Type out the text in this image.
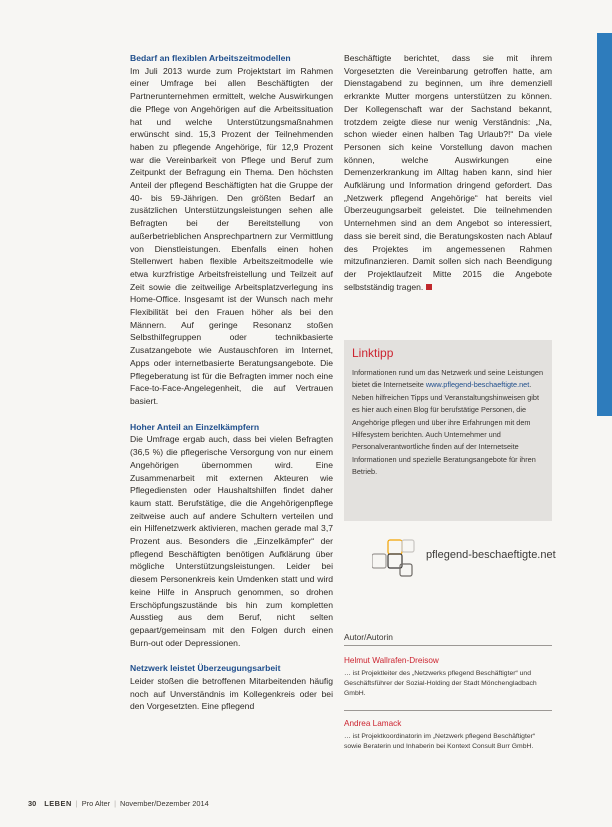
Bedarf an flexiblen Arbeitszeitmodellen

Im Juli 2013 wurde zum Projektstart im Rahmen einer Umfrage bei allen Beschäftigten der Partnerunternehmen ermittelt, welche Auswirkungen die Pflege von Angehörigen auf die Arbeitssituation hat und welche Unterstützungsmaßnahmen erwünscht sind. 15,3 Prozent der Teilnehmenden haben zu pflegende Angehörige, für 12,9 Prozent war die Vereinbarkeit von Pflege und Beruf zum Zeitpunkt der Befragung ein Thema. Den höchsten Anteil der pflegend Beschäftigten hat die Gruppe der 40- bis 59-Jährigen. Den größten Bedarf an zusätzlichen Unterstützungsleistungen sehen alle Befragten bei der Bereitstellung von außerbetrieblichen Ansprechpartnern zur Vermittlung von Dienstleistungen. Ebenfalls einen hohen Stellenwert haben flexible Arbeitszeitmodelle wie etwa kurzfristige Arbeitsfreistellung und Teilzeit auf Zeit sowie die zeitweilige Arbeitsplatzverlegung ins Home-Office. Insgesamt ist der Wunsch nach mehr Flexibilität bei den Frauen höher als bei den Männern. Auf geringe Resonanz stoßen Selbsthilfegruppen oder technikbasierte Zusatzangebote wie Austauschforen im Internet, Apps oder internetbasierte Beratungsangebote. Die Pflegeberatung ist für die Befragten immer noch eine Face-to-Face-Angelegenheit, die auf Vertrauen basiert.

Hoher Anteil an Einzelkämpfern

Die Umfrage ergab auch, dass bei vielen Befragten (36,5 %) die pflegerische Versorgung von nur einem Angehörigen übernommen wird. Eine Zusammenarbeit mit externen Akteuren wie Pflegediensten oder Haushaltshilfen findet daher kaum statt. Berufstätige, die die Angehörigenpflege zeitweise auch auf andere Schultern verteilen und ein Hilfenetzwerk aktivieren, machen gerade mal 3,7 Prozent aus. Besonders die „Einzelkämpfer“ der pflegend Beschäftigten benötigen Aufklärung über mögliche Unterstützungsleistungen. Leider bei diesem Personenkreis kein Umdenken statt und wird keine Hilfe in Anspruch genommen, so drohen Erschöpfungszustände bis hin zum kompletten Ausstieg aus dem Beruf, nicht selten gepaart/gemeinsam mit den Folgen durch einen Burn-out oder Depressionen.

Netzwerk leistet Überzeugungsarbeit

Leider stoßen die betroffenen Mitarbeitenden häufig noch auf Unverständnis im Kollegenkreis oder bei den Vorgesetzten. Eine pflegend

Beschäftigte berichtet, dass sie mit ihrem Vorgesetzten die Vereinbarung getroffen hatte, am Dienstagabend zu beginnen, um ihre demenziell erkrankte Mutter morgens unterstützen zu können. Der Kollegenschaft war der Sachstand bekannt, trotzdem zeigte diese nur wenig Verständnis: „Na, schon wieder einen halben Tag Urlaub?!“ Da viele Personen sich keine Vorstellung davon machen können, welche Auswirkungen eine Demenzerkrankung im Alltag haben kann, sind hier Aufklärung und Information dringend gefordert. Das „Netzwerk pflegend Angehörige“ hat bereits viel Überzeugungsarbeit geleistet. Die teilnehmenden Unternehmen sind an dem Angebot so interessiert, dass sie bereit sind, die Beratungskosten nach Ablauf des Projektes im angemessenen Rahmen mitzufinanzieren. Damit sollen sich nach Beendigung der Projektlaufzeit Mitte 2015 die Angebote selbstständig tragen.

Linktipp

Informationen rund um das Netzwerk und seine Leistungen bietet die Internetseite www.pflegend-beschaeftigte.net. Neben hilfreichen Tipps und Veranstaltungshinweisen gibt es hier auch einen Blog für berufstätige Personen, die Angehörige pflegen und über ihre Erfahrungen mit dem Hilfesystem berichten. Auch Unternehmer und Personalverantwortliche finden auf der Internetseite Informationen und spezielle Beratungsangebote für ihren Betrieb.

pflegend-beschaeftigte.net
Autor/Autorin
Helmut Wallrafen-Dreisow
… ist Projektleiter des „Netzwerks pflegend Beschäftigter“ und Geschäftsführer der Sozial-Holding der Stadt Mönchengladbach GmbH.
Andrea Lamack
… ist Projektkoordinatorin im „Netzwerk pflegend Beschäftigter“ sowie Beraterin und Inhaberin bei Kontext Consult Burr GmbH.
30 LEBEN | Pro Alter | November/Dezember 2014
